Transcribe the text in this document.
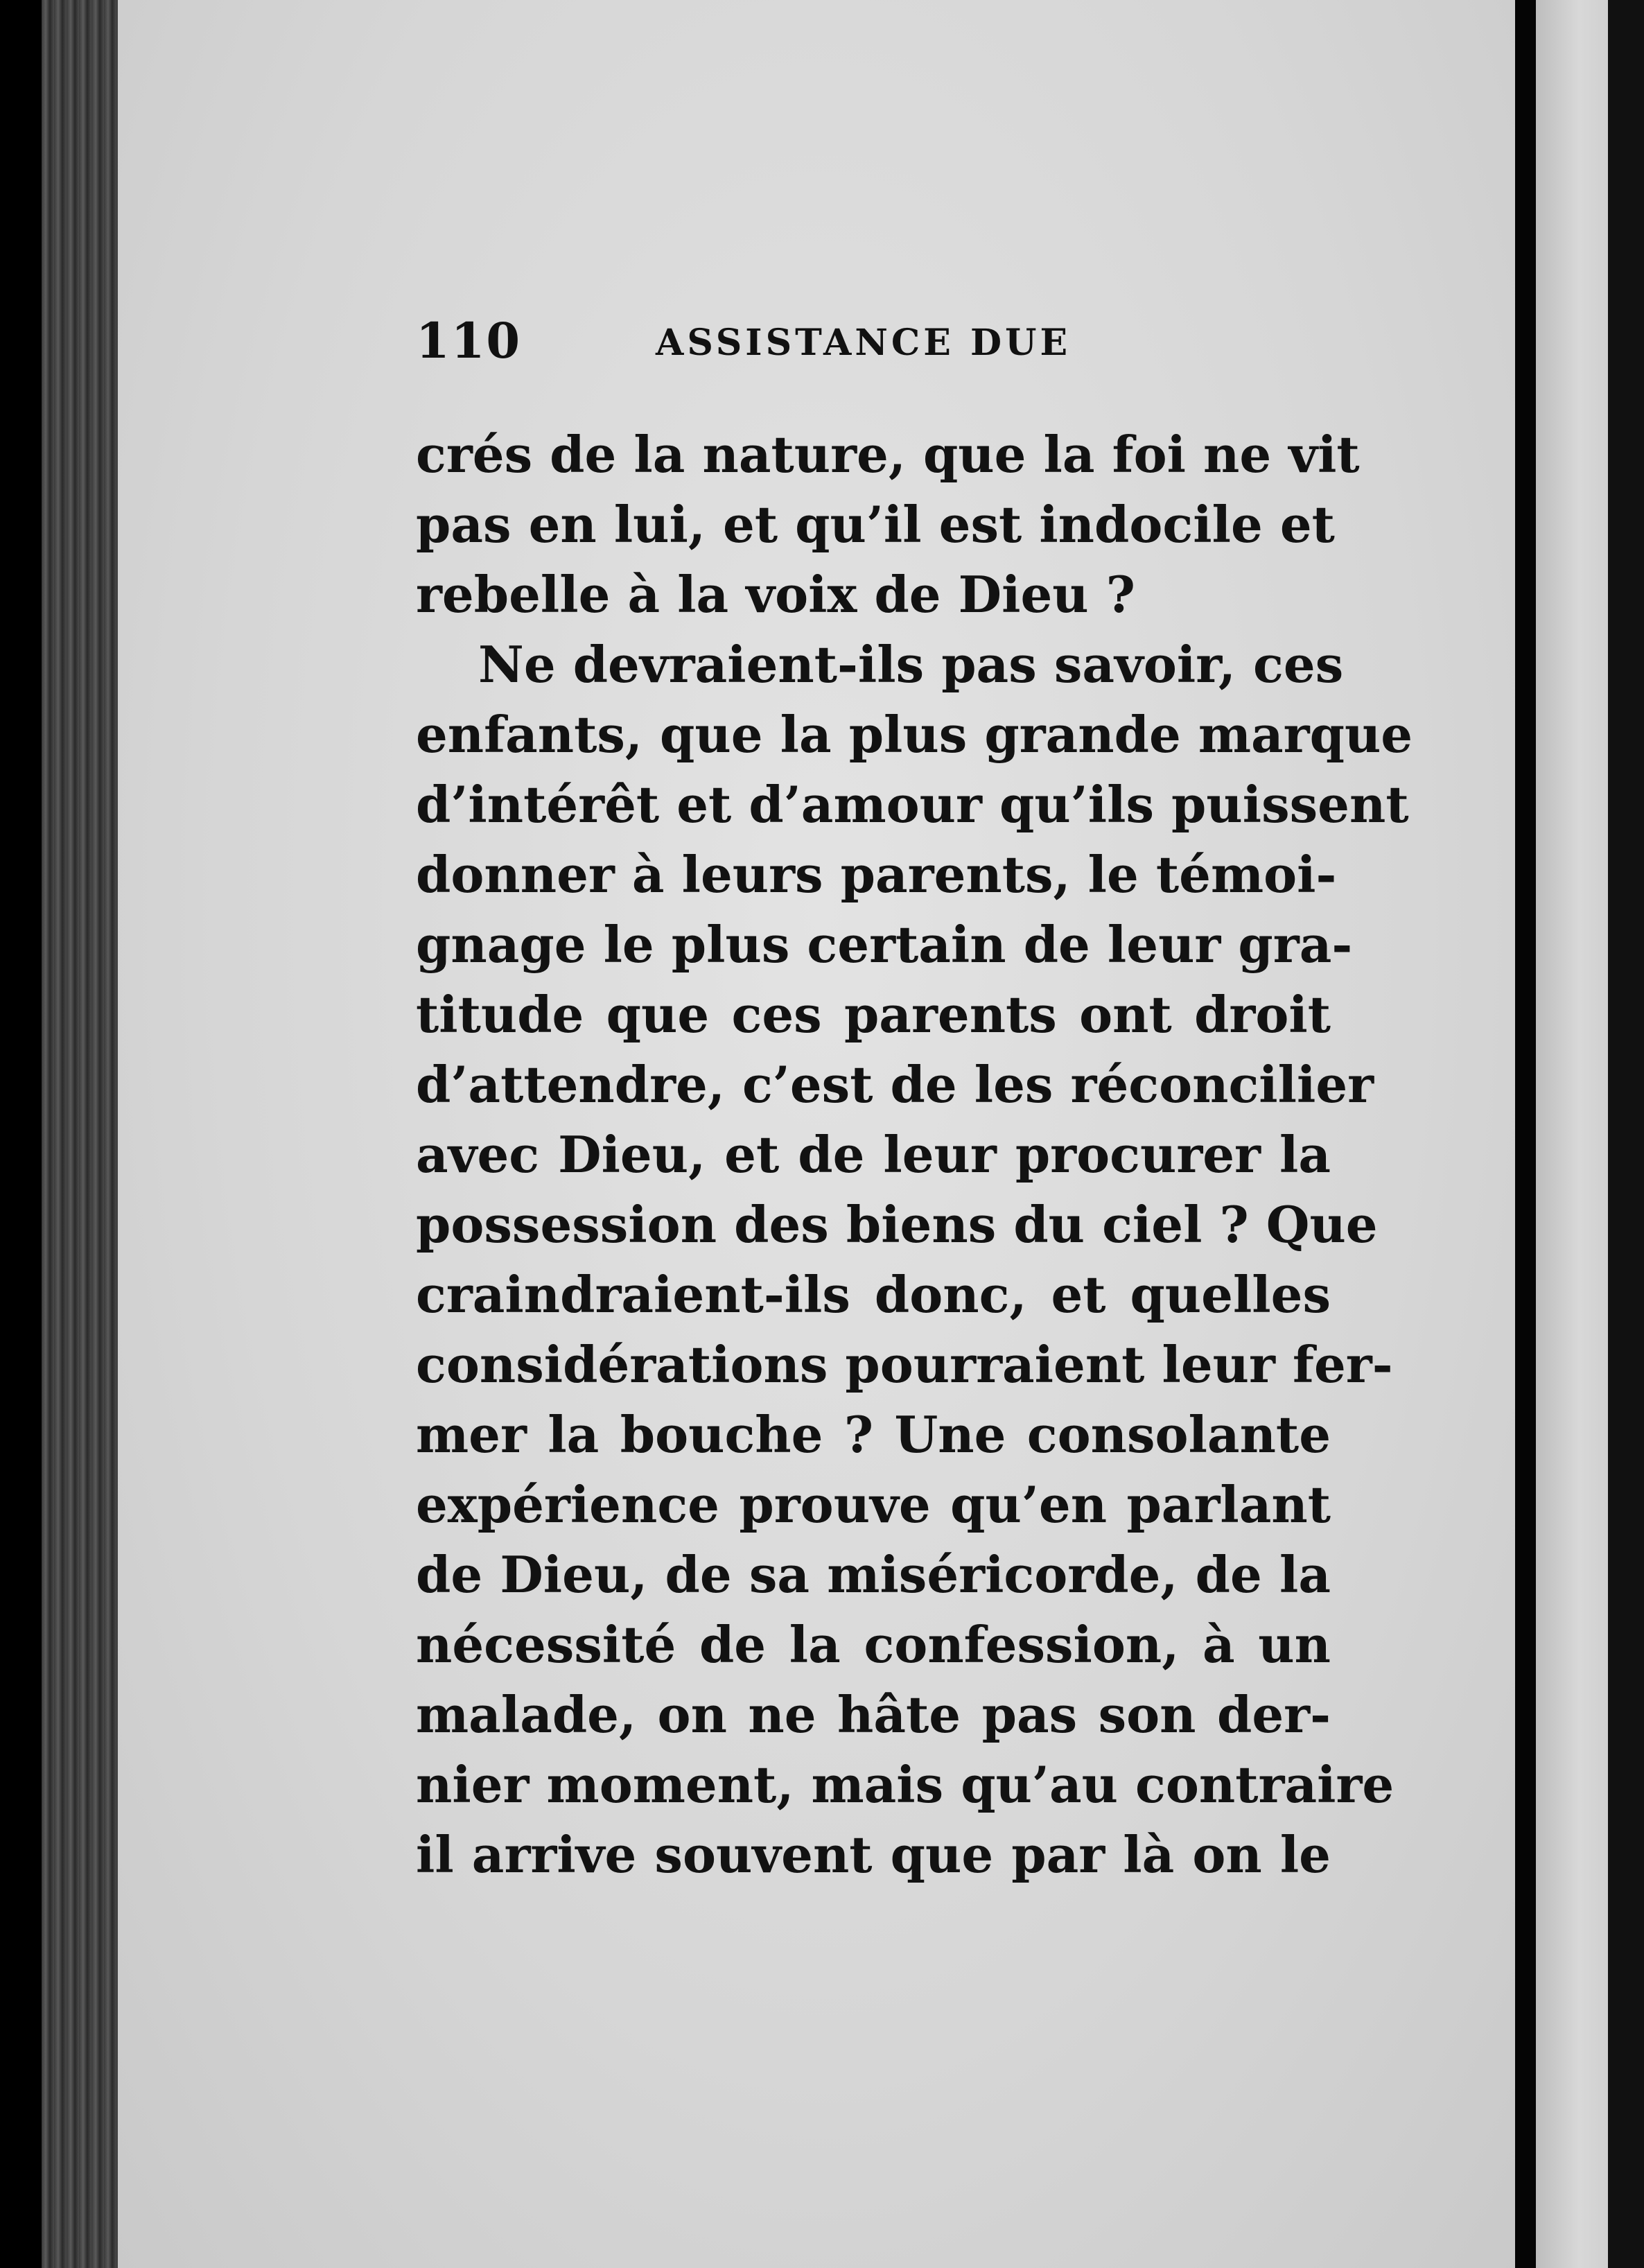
110	ASSISTANCE DUE
crés de la nature, que la foi ne vit
pas en lui, et qu’il est indocile et
rebelle à la voix de Dieu ?
Ne devraient-ils pas savoir, ces
enfants, que la plus grande marque
d’intérêt et d’amour qu’ils puissent
donner à leurs parents, le témoi-
gnage le plus certain de leur gra-
titude que ces parents ont droit
d’attendre, c’est de les réconcilier
avec Dieu, et de leur procurer la
possession des biens du ciel ? Que
craindraient-ils donc, et quelles
considérations pourraient leur fer-
mer la bouche ? Une consolante
expérience prouve qu’en parlant
de Dieu, de sa miséricorde, de la
nécessité de la confession, à un
malade, on ne hâte pas son der-
nier moment, mais qu’au contraire
il arrive souvent que par là on le
